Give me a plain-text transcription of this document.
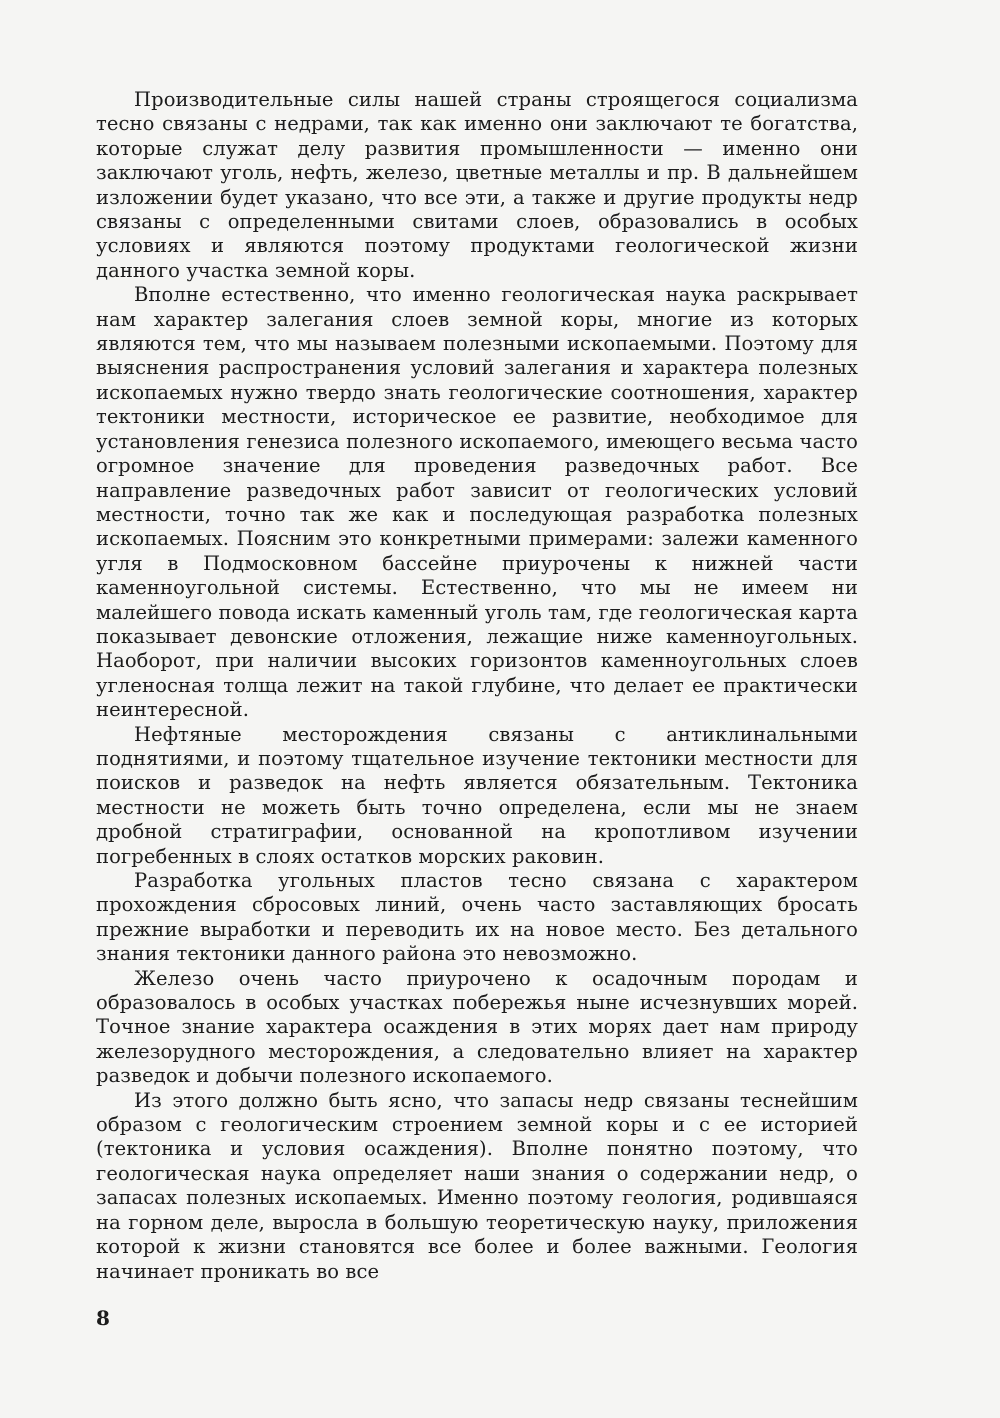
Производительные силы нашей страны строящегося социализма тесно связаны с недрами, так как именно они заключают те богатства, которые служат делу развития промышленности — именно они заключают уголь, нефть, железо, цветные металлы и пр. В дальнейшем изложении будет указано, что все эти, а также и другие продукты недр связаны с определенными свитами слоев, образовались в особых условиях и являются поэтому продуктами геологической жизни данного участка земной коры.

Вполне естественно, что именно геологическая наука раскрывает нам характер залегания слоев земной коры, многие из которых являются тем, что мы называем полезными ископаемыми. Поэтому для выяснения распространения условий залегания и характера полезных ископаемых нужно твердо знать геологические соотношения, характер тектоники местности, историческое ее развитие, необходимое для установления генезиса полезного ископаемого, имеющего весьма часто огромное значение для проведения разведочных работ. Все направление разведочных работ зависит от геологических условий местности, точно так же как и последующая разработка полезных ископаемых. Поясним это конкретными примерами: залежи каменного угля в Подмосковном бассейне приурочены к нижней части каменноугольной системы. Естественно, что мы не имеем ни малейшего повода искать каменный уголь там, где геологическая карта показывает девонские отложения, лежащие ниже каменноугольных. Наоборот, при наличии высоких горизонтов каменноугольных слоев угленосная толща лежит на такой глубине, что делает ее практически неинтересной.

Нефтяные месторождения связаны с антиклинальными поднятиями, и поэтому тщательное изучение тектоники местности для поисков и разведок на нефть является обязательным. Тектоника местности не можеть быть точно определена, если мы не знаем дробной стратиграфии, основанной на кропотливом изучении погребенных в слоях остатков морских раковин.

Разработка угольных пластов тесно связана с характером прохождения сбросовых линий, очень часто заставляющих бросать прежние выработки и переводить их на новое место. Без детального знания тектоники данного района это невозможно.

Железо очень часто приурочено к осадочным породам и образовалось в особых участках побережья ныне исчезнувших морей. Точное знание характера осаждения в этих морях дает нам природу железорудного месторождения, а следовательно влияет на характер разведок и добычи полезного ископаемого.

Из этого должно быть ясно, что запасы недр связаны теснейшим образом с геологическим строением земной коры и с ее историей (тектоника и условия осаждения). Вполне понятно поэтому, что геологическая наука определяет наши знания о содержании недр, о запасах полезных ископаемых. Именно поэтому геология, родившаяся на горном деле, выросла в большую теоретическую науку, приложения которой к жизни становятся все более и более важными. Геология начинает проникать во все

8
